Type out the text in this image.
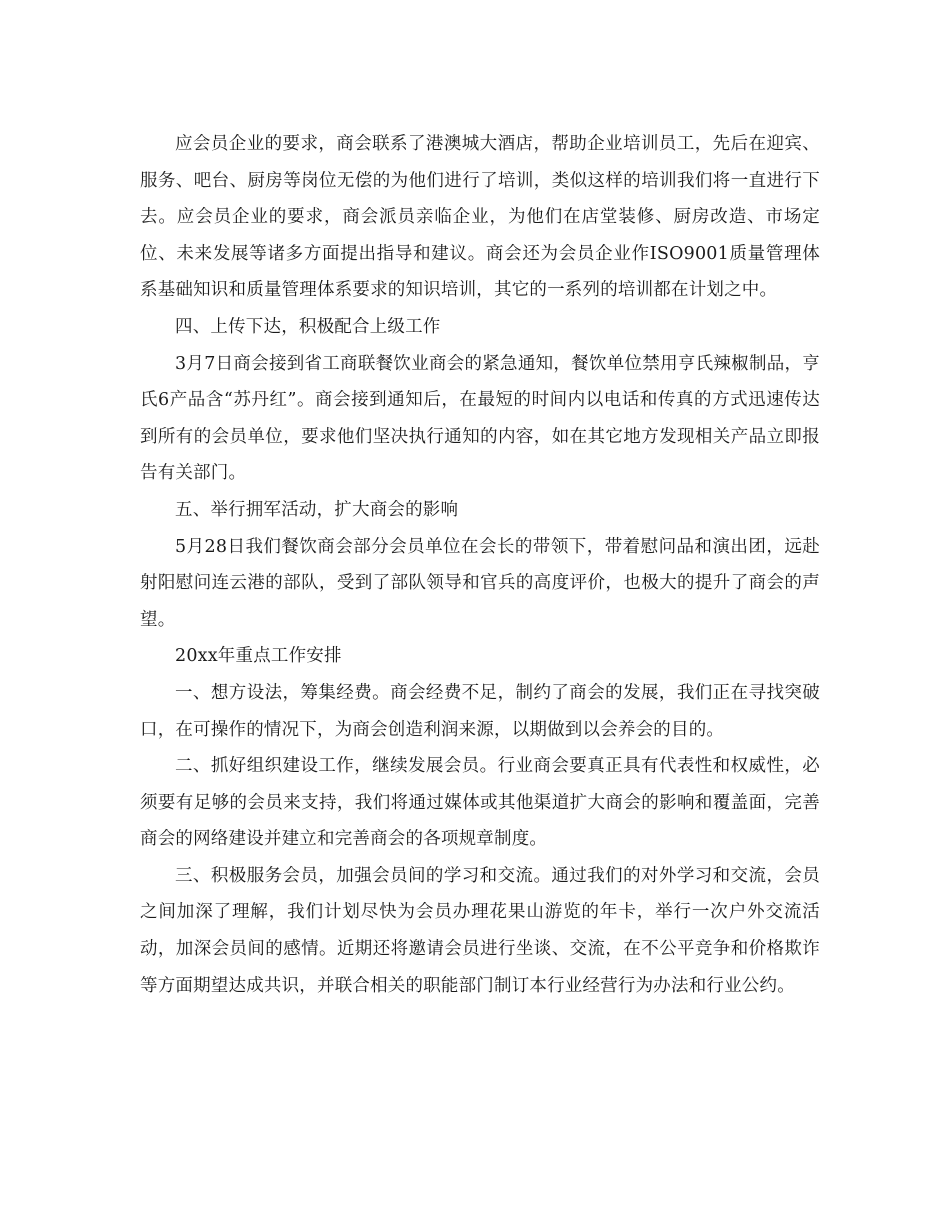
应会员企业的要求，商会联系了港澳城大酒店，帮助企业培训员工，先后在迎宾、服务、吧台、厨房等岗位无偿的为他们进行了培训，类似这样的培训我们将一直进行下去。应会员企业的要求，商会派员亲临企业，为他们在店堂装修、厨房改造、市场定位、未来发展等诸多方面提出指导和建议。商会还为会员企业作ISO9001质量管理体系基础知识和质量管理体系要求的知识培训，其它的一系列的培训都在计划之中。

四、上传下达，积极配合上级工作

3月7日商会接到省工商联餐饮业商会的紧急通知，餐饮单位禁用亨氏辣椒制品，亨氏6产品含“苏丹红”。商会接到通知后，在最短的时间内以电话和传真的方式迅速传达到所有的会员单位，要求他们坚决执行通知的内容，如在其它地方发现相关产品立即报告有关部门。

五、举行拥军活动，扩大商会的影响

5月28日我们餐饮商会部分会员单位在会长的带领下，带着慰问品和演出团，远赴射阳慰问连云港的部队，受到了部队领导和官兵的高度评价，也极大的提升了商会的声望。

20xx年重点工作安排

一、想方设法，筹集经费。商会经费不足，制约了商会的发展，我们正在寻找突破口，在可操作的情况下，为商会创造利润来源，以期做到以会养会的目的。

二、抓好组织建设工作，继续发展会员。行业商会要真正具有代表性和权威性，必须要有足够的会员来支持，我们将通过媒体或其他渠道扩大商会的影响和覆盖面，完善商会的网络建设并建立和完善商会的各项规章制度。

三、积极服务会员，加强会员间的学习和交流。通过我们的对外学习和交流，会员之间加深了理解，我们计划尽快为会员办理花果山游览的年卡，举行一次户外交流活动，加深会员间的感情。近期还将邀请会员进行坐谈、交流，在不公平竞争和价格欺诈等方面期望达成共识，并联合相关的职能部门制订本行业经营行为办法和行业公约。
